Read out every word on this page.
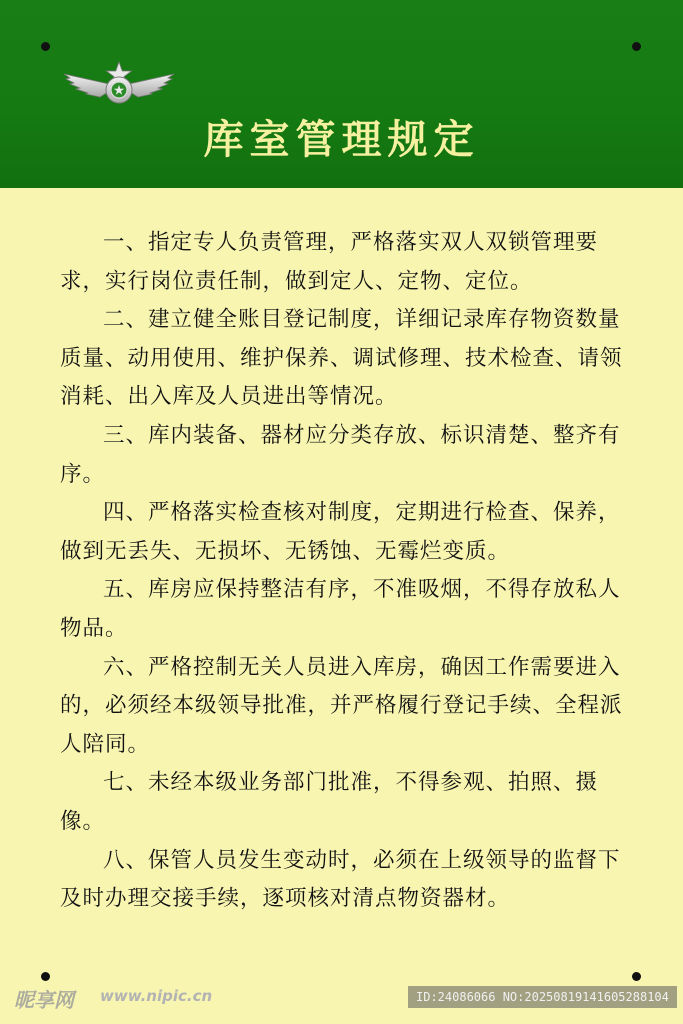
库室管理规定

一、指定专人负责管理，严格落实双人双锁管理要求，实行岗位责任制，做到定人、定物、定位。

二、建立健全账目登记制度，详细记录库存物资数量质量、动用使用、维护保养、调试修理、技术检查、请领消耗、出入库及人员进出等情况。

三、库内装备、器材应分类存放、标识清楚、整齐有序。

四、严格落实检查核对制度，定期进行检查、保养，做到无丢失、无损坏、无锈蚀、无霉烂变质。

五、库房应保持整洁有序，不准吸烟，不得存放私人物品。

六、严格控制无关人员进入库房，确因工作需要进入的，必须经本级领导批准，并严格履行登记手续、全程派人陪同。

七、未经本级业务部门批准，不得参观、拍照、摄像。

八、保管人员发生变动时，必须在上级领导的监督下及时办理交接手续，逐项核对清点物资器材。

昵享网 www.nipic.cn	ID:24086066 NO:20250819141605288104
